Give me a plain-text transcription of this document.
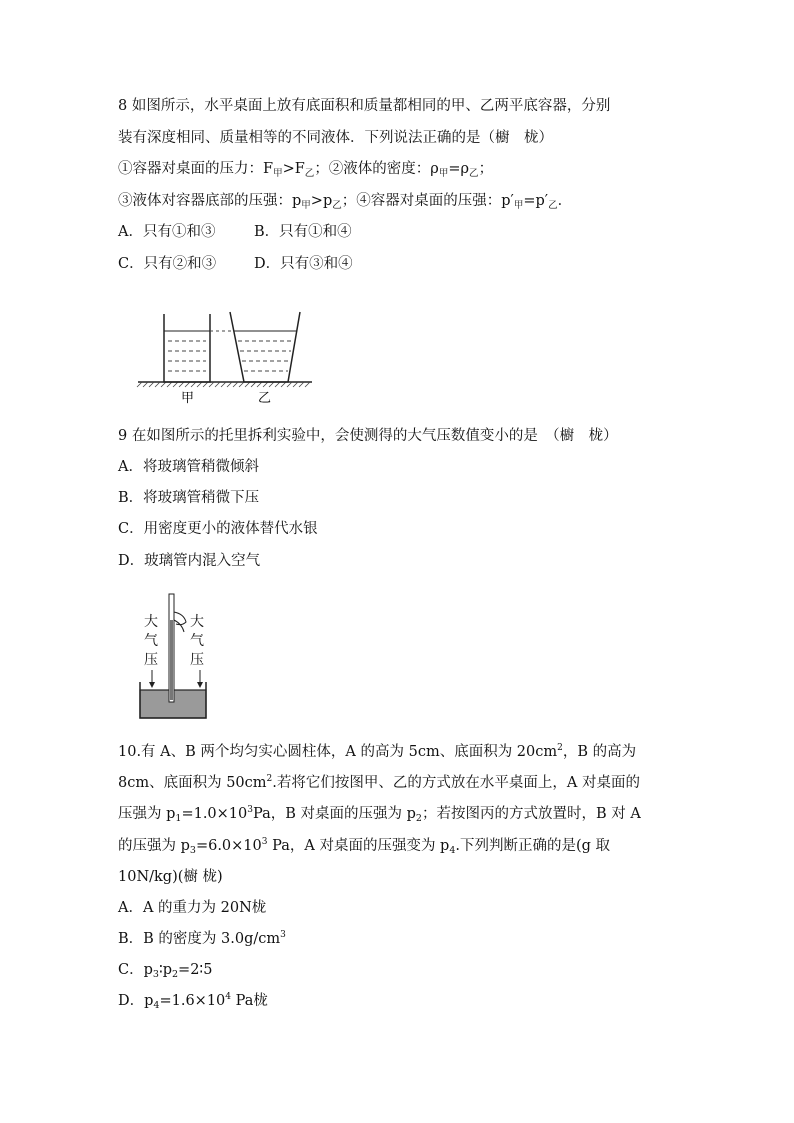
8 如图所示，水平桌面上放有底面积和质量都相同的甲、乙两平底容器，分别
装有深度相同、质量相等的不同液体．下列说法正确的是（櫥　栊）
①容器对桌面的压力：$F_甲>F_乙$；②液体的密度：$\rho_甲=\rho_乙$；
③液体对容器底部的压强：$p_甲>p_乙$；④容器对桌面的压强：$p'_甲=p'_乙$．
A．只有①和③	B．只有①和④
C．只有②和③	D．只有③和④
甲	乙
9 在如图所示的托里拆利实验中，会使测得的大气压数值变小的是　（櫥　栊）
A．将玻璃管稍微倾斜
B．将玻璃管稍微下压
C．用密度更小的液体替代水银
D．玻璃管内混入空气
大气压
大气压
10.有 A、B 两个均匀实心圆柱体，A 的高为 5cm、底面积为 $20cm^2$，B 的高为
8cm、底面积为 $50cm^2$.若将它们按图甲、乙的方式放在水平桌面上，A 对桌面的
压强为 $p_1=1.0\times 10^3Pa$，B 对桌面的压强为 $p_2$；若按图丙的方式放置时，B 对 A
的压强为 $p_3=6.0\times 10^3$ Pa，A 对桌面的压强变为 $p_4$.下列判断正确的是(g 取
10N/kg)(櫥 栊)
A．A 的重力为 20N栊
B．B 的密度为 $3.0g/cm^3$
C．$p_3∶p_2=2∶5$
D．$p_4=1.6\times 10^4$ Pa栊
